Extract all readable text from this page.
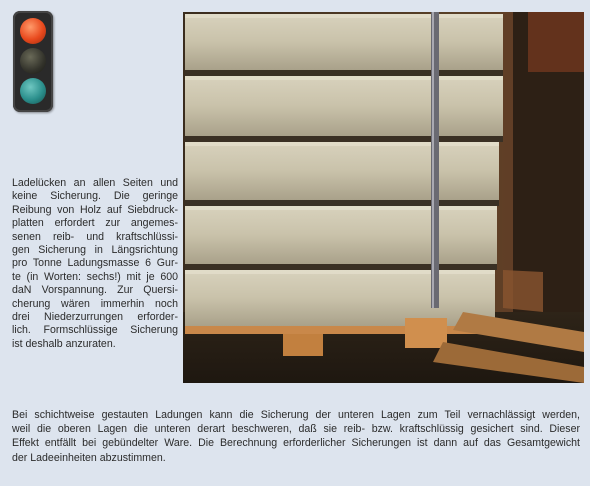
Ladelücken an allen Seiten und
keine Sicherung. Die geringe
Reibung von Holz auf Siebdruck-
platten erfordert zur angemes-
senen reib- und kraftschlüssi-
gen Sicherung in Längsrichtung
pro Tonne Ladungsmasse 6 Gur-
te (in Worten: sechs!) mit je 600
daN Vorspannung. Zur Quersi-
cherung wären immerhin noch
drei Niederzurrungen erforder-
lich. Formschlüssige Sicherung
ist deshalb anzuraten.

Bei schichtweise gestauten Ladungen kann die Sicherung der unteren Lagen zum Teil vernachlässigt werden,
weil die oberen Lagen die unteren derart beschweren, daß sie reib- bzw. kraftschlüssig gesichert sind. Dieser
Effekt entfällt bei gebündelter Ware. Die Berechnung erforderlicher Sicherungen ist dann auf das Gesamtgewicht
der Ladeeinheiten abzustimmen.
